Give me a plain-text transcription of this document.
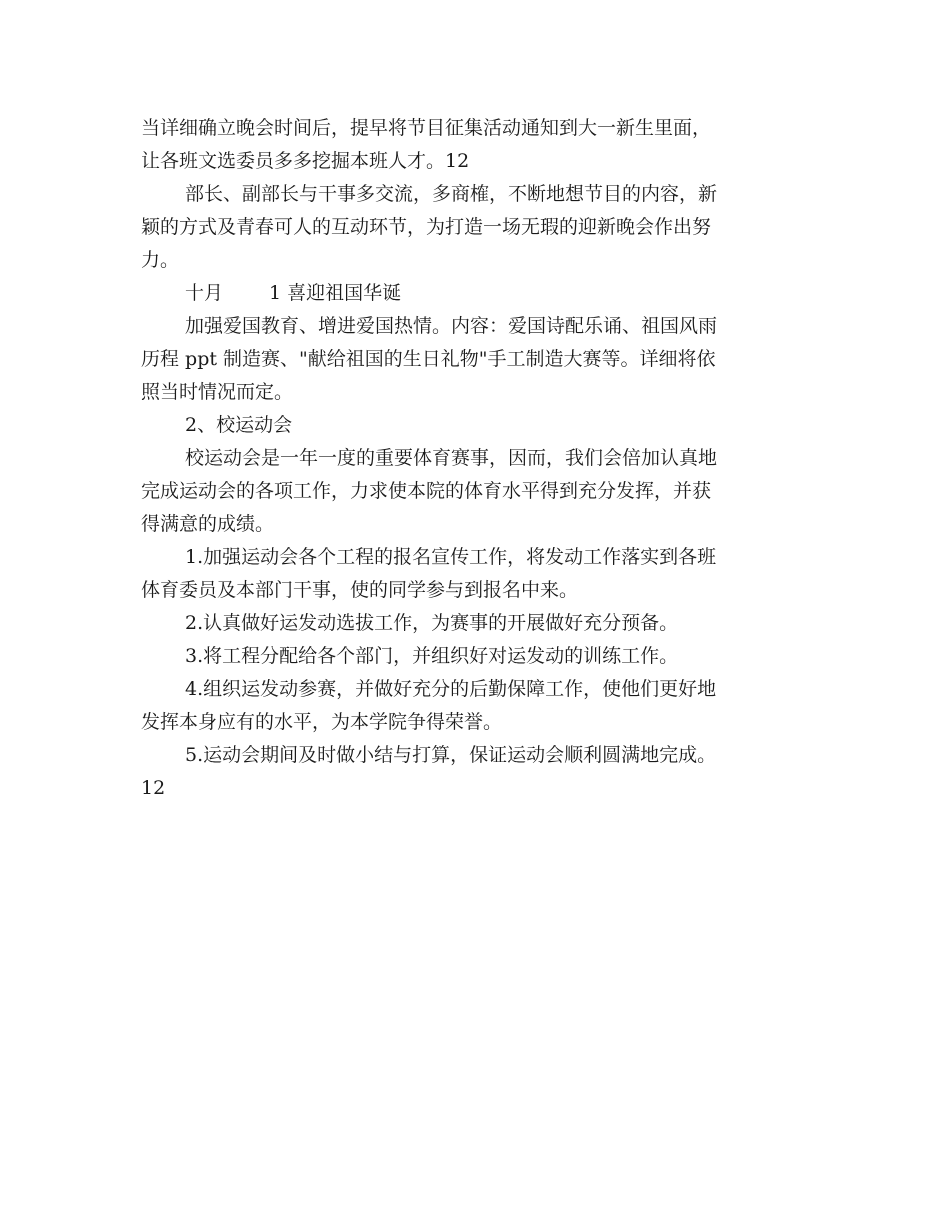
当详细确立晚会时间后，提早将节目征集活动通知到大一新生里面，
让各班文选委员多多挖掘本班人才。12

部长、副部长与干事多交流，多商榷，不断地想节目的内容，新
颖的方式及青春可人的互动环节，为打造一场无瑕的迎新晚会作出努
力。

十月 1 喜迎祖国华诞

加强爱国教育、增进爱国热情。内容：爱国诗配乐诵、祖国风雨
历程 ppt 制造赛、"献给祖国的生日礼物"手工制造大赛等。详细将依
照当时情况而定。

2、校运动会

校运动会是一年一度的重要体育赛事，因而，我们会倍加认真地
完成运动会的各项工作，力求使本院的体育水平得到充分发挥，并获
得满意的成绩。

1.加强运动会各个工程的报名宣传工作，将发动工作落实到各班
体育委员及本部门干事，使的同学参与到报名中来。

2.认真做好运发动选拔工作，为赛事的开展做好充分预备。

3.将工程分配给各个部门，并组织好对运发动的训练工作。

4.组织运发动参赛，并做好充分的后勤保障工作，使他们更好地
发挥本身应有的水平，为本学院争得荣誉。

5.运动会期间及时做小结与打算，保证运动会顺利圆满地完成。

12
